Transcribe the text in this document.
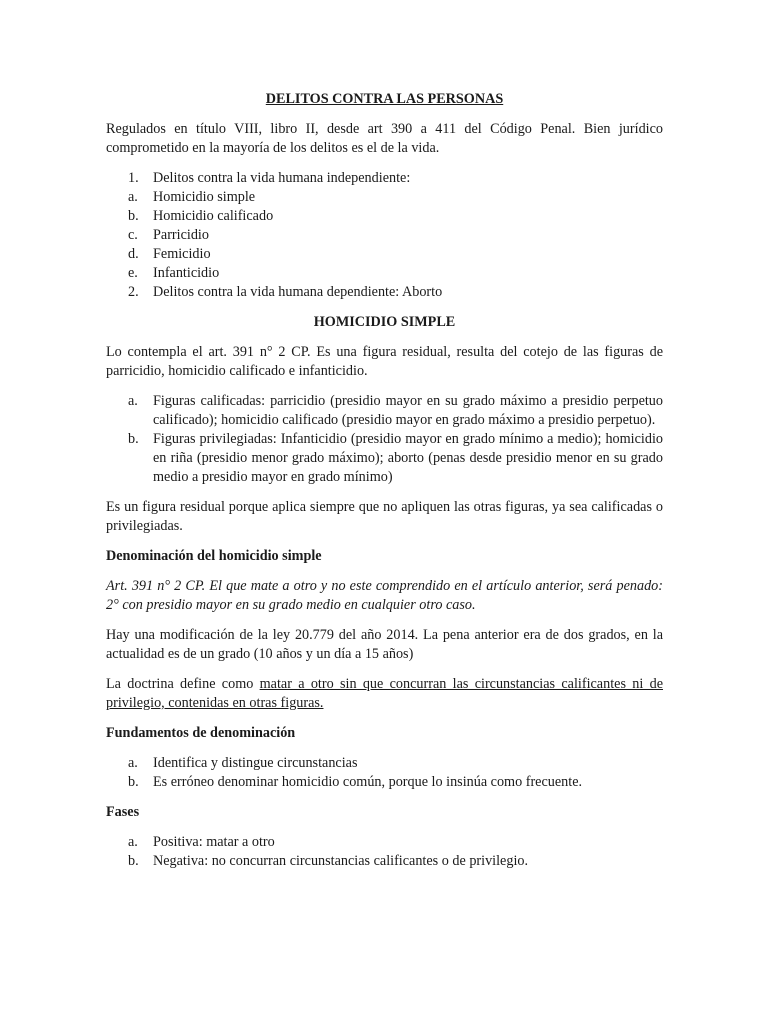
DELITOS CONTRA LAS PERSONAS

Regulados en título VIII, libro II, desde art 390 a 411 del Código Penal. Bien jurídico comprometido en la mayoría de los delitos es el de la vida.

1. Delitos contra la vida humana independiente:
a. Homicidio simple
b. Homicidio calificado
c. Parricidio
d. Femicidio
e. Infanticidio
2. Delitos contra la vida humana dependiente: Aborto
HOMICIDIO SIMPLE

Lo contempla el art. 391 n° 2 CP. Es una figura residual, resulta del cotejo de las figuras de parricidio, homicidio calificado e infanticidio.

a. Figuras calificadas: parricidio (presidio mayor en su grado máximo a presidio perpetuo calificado); homicidio calificado (presidio mayor en grado máximo a presidio perpetuo).
b. Figuras privilegiadas: Infanticidio (presidio mayor en grado mínimo a medio); homicidio en riña (presidio menor grado máximo); aborto (penas desde presidio menor en su grado medio a presidio mayor en grado mínimo)

Es un figura residual porque aplica siempre que no apliquen las otras figuras, ya sea calificadas o privilegiadas.

Denominación del homicidio simple

Art. 391 n° 2 CP. El que mate a otro y no este comprendido en el artículo anterior, será penado: 2° con presidio mayor en su grado medio en cualquier otro caso.

Hay una modificación de la ley 20.779 del año 2014. La pena anterior era de dos grados, en la actualidad es de un grado (10 años y un día a 15 años)

La doctrina define como matar a otro sin que concurran las circunstancias calificantes ni de privilegio, contenidas en otras figuras.

Fundamentos de denominación
a. Identifica y distingue circunstancias
b. Es erróneo denominar homicidio común, porque lo insinúa como frecuente.
Fases
a. Positiva: matar a otro
b. Negativa: no concurran circunstancias calificantes o de privilegio.
